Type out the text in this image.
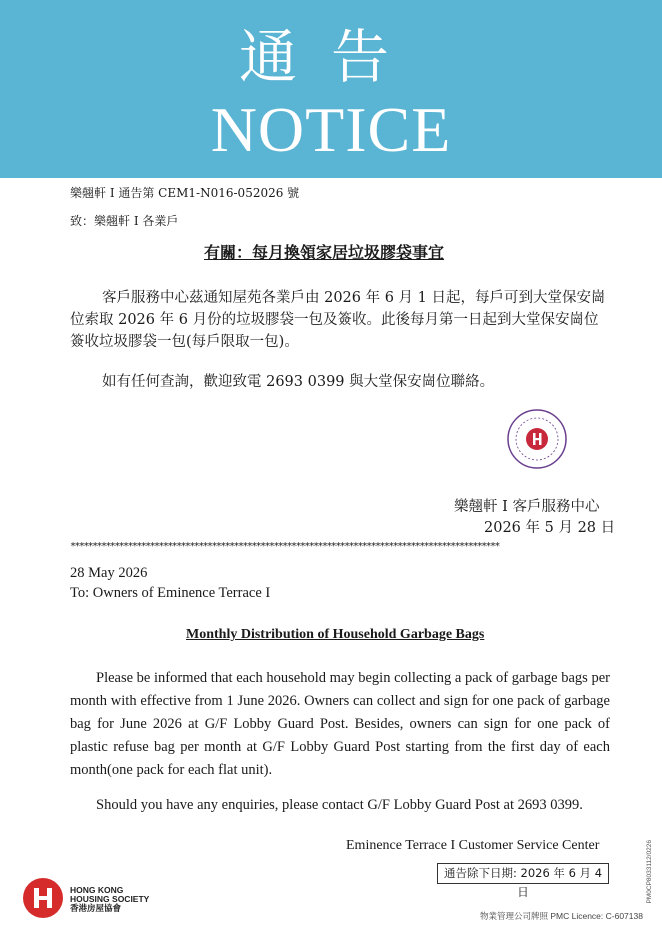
通告
NOTICE
樂翹軒 I 通告第 CEM1-N016-052026 號
致：樂翹軒 I 各業戶
有關：每月換領家居垃圾膠袋事宜
客戶服務中心茲通知屋苑各業戶由 2026 年 6 月 1 日起，每戶可到大堂保安崗位索取 2026 年 6 月份的垃圾膠袋一包及簽收。此後每月第一日起到大堂保安崗位簽收垃圾膠袋一包(每戶限取一包)。
如有任何查詢，歡迎致電 2693 0399 與大堂保安崗位聯絡。
樂翹軒 I 客戶服務中心
2026 年 5 月 28 日
*************************************************************************************************
28 May 2026
To: Owners of Eminence Terrace I
Monthly Distribution of Household Garbage Bags
Please be informed that each household may begin collecting a pack of garbage bags per month with effective from 1 June 2026. Owners can collect and sign for one pack of garbage bag for June 2026 at G/F Lobby Guard Post. Besides, owners can sign for one pack of plastic refuse bag per month at G/F Lobby Guard Post starting from the first day of each month(one pack for each flat unit).
Should you have any enquiries, please contact G/F Lobby Guard Post at 2693 0399.
Eminence Terrace I Customer Service Center
通告除下日期: 2026 年 6 月 4 日
HONG KONG
HOUSING SOCIETY
香港房屋協會
物業管理公司牌照 PMC Licence: C-607138
PM0CP8033112/0226
